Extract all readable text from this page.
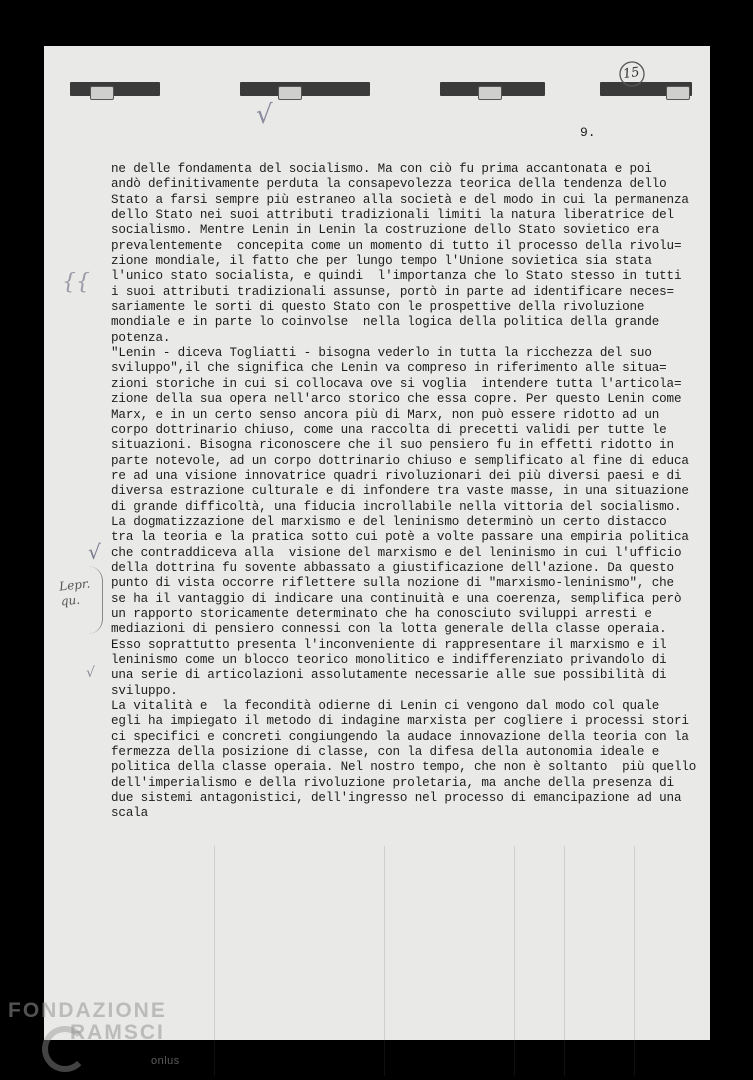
15
9.
√
√
√
{{
Lepr.
qu.
ne delle fondamenta del socialismo. Ma con ciò fu prima accantonata e poi
andò definitivamente perduta la consapevolezza teorica della tendenza dello
Stato a farsi sempre più estraneo alla società e del modo in cui la permanenza
dello Stato nei suoi attributi tradizionali limiti la natura liberatrice del
socialismo. Mentre Lenin in Lenin la costruzione dello Stato sovietico era
prevalentemente  concepita come un momento di tutto il processo della rivolu=
zione mondiale, il fatto che per lungo tempo l'Unione sovietica sia stata
l'unico stato socialista, e quindi  l'importanza che lo Stato stesso in tutti
i suoi attributi tradizionali assunse, portò in parte ad identificare neces=
sariamente le sorti di questo Stato con le prospettive della rivoluzione
mondiale e in parte lo coinvolse  nella logica della politica della grande
potenza.
"Lenin - diceva Togliatti - bisogna vederlo in tutta la ricchezza del suo
sviluppo",il che significa che Lenin va compreso in riferimento alle situa=
zioni storiche in cui si collocava ove si voglia  intendere tutta l'articola=
zione della sua opera nell'arco storico che essa copre. Per questo Lenin come
Marx, e in un certo senso ancora più di Marx, non può essere ridotto ad un
corpo dottrinario chiuso, come una raccolta di precetti validi per tutte le
situazioni. Bisogna riconoscere che il suo pensiero fu in effetti ridotto in
parte notevole, ad un corpo dottrinario chiuso e semplificato al fine di educa
re ad una visione innovatrice quadri rivoluzionari dei più diversi paesi e di
diversa estrazione culturale e di infondere tra vaste masse, in una situazione
di grande difficoltà, una fiducia incrollabile nella vittoria del socialismo.
La dogmatizzazione del marxismo e del leninismo determinò un certo distacco
tra la teoria e la pratica sotto cui potè a volte passare una empiria politica
che contraddiceva alla  visione del marxismo e del leninismo in cui l'ufficio
della dottrina fu sovente abbassato a giustificazione dell'azione. Da questo
punto di vista occorre riflettere sulla nozione di "marxismo-leninismo", che
se ha il vantaggio di indicare una continuità e una coerenza, semplifica però
un rapporto storicamente determinato che ha conosciuto sviluppi arresti e
mediazioni di pensiero connessi con la lotta generale della classe operaia.
Esso soprattutto presenta l'inconveniente di rappresentare il marxismo e il
leninismo come un blocco teorico monolitico e indifferenziato privandolo di
una serie di articolazioni assolutamente necessarie alle sue possibilità di
sviluppo.
La vitalità e  la fecondità odierne di Lenin ci vengono dal modo col quale
egli ha impiegato il metodo di indagine marxista per cogliere i processi stori
ci specifici e concreti congiungendo la audace innovazione della teoria con la
fermezza della posizione di classe, con la difesa della autonomia ideale e
politica della classe operaia. Nel nostro tempo, che non è soltanto  più quello
dell'imperialismo e della rivoluzione proletaria, ma anche della presenza di
due sistemi antagonistici, dell'ingresso nel processo di emancipazione ad una
scala
FONDAZIONE
RAMSCI
onlus
